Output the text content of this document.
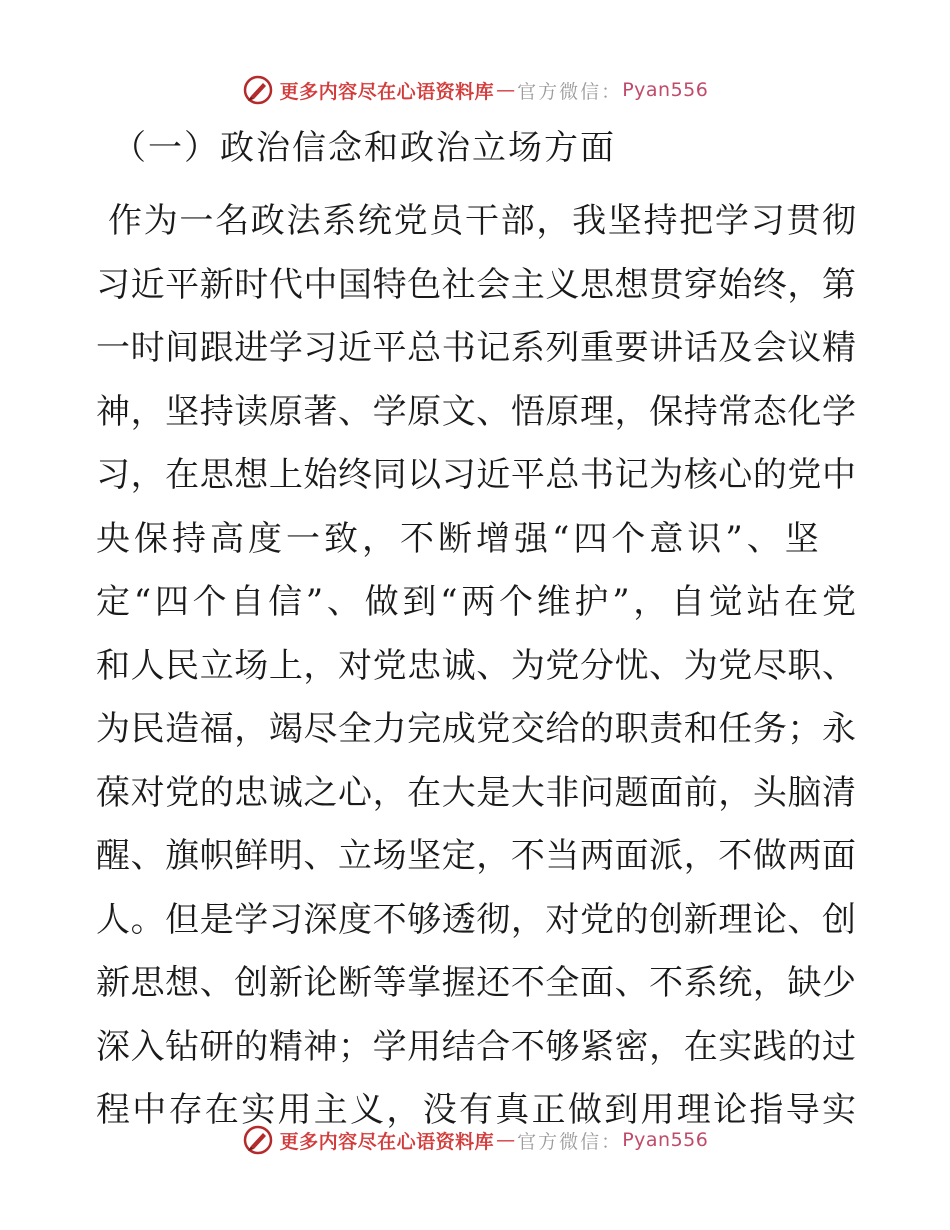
更多内容尽在心语资料库 — 官方微信： Pyan556
（一）政治信念和政治立场方面
作为一名政法系统党员干部，我坚持把学习贯彻
习近平新时代中国特色社会主义思想贯穿始终，第
一时间跟进学习近平总书记系列重要讲话及会议精
神，坚持读原著、学原文、悟原理，保持常态化学
习，在思想上始终同以习近平总书记为核心的党中
央保持高度一致，不断增强“四个意识”、坚
定“四个自信”、做到“两个维护”，自觉站在党
和人民立场上，对党忠诚、为党分忧、为党尽职、
为民造福，竭尽全力完成党交给的职责和任务；永
葆对党的忠诚之心，在大是大非问题面前，头脑清
醒、旗帜鲜明、立场坚定，不当两面派，不做两面
人。但是学习深度不够透彻，对党的创新理论、创
新思想、创新论断等掌握还不全面、不系统，缺少
深入钻研的精神；学用结合不够紧密，在实践的过
程中存在实用主义，没有真正做到用理论指导实
更多内容尽在心语资料库 — 官方微信： Pyan556
